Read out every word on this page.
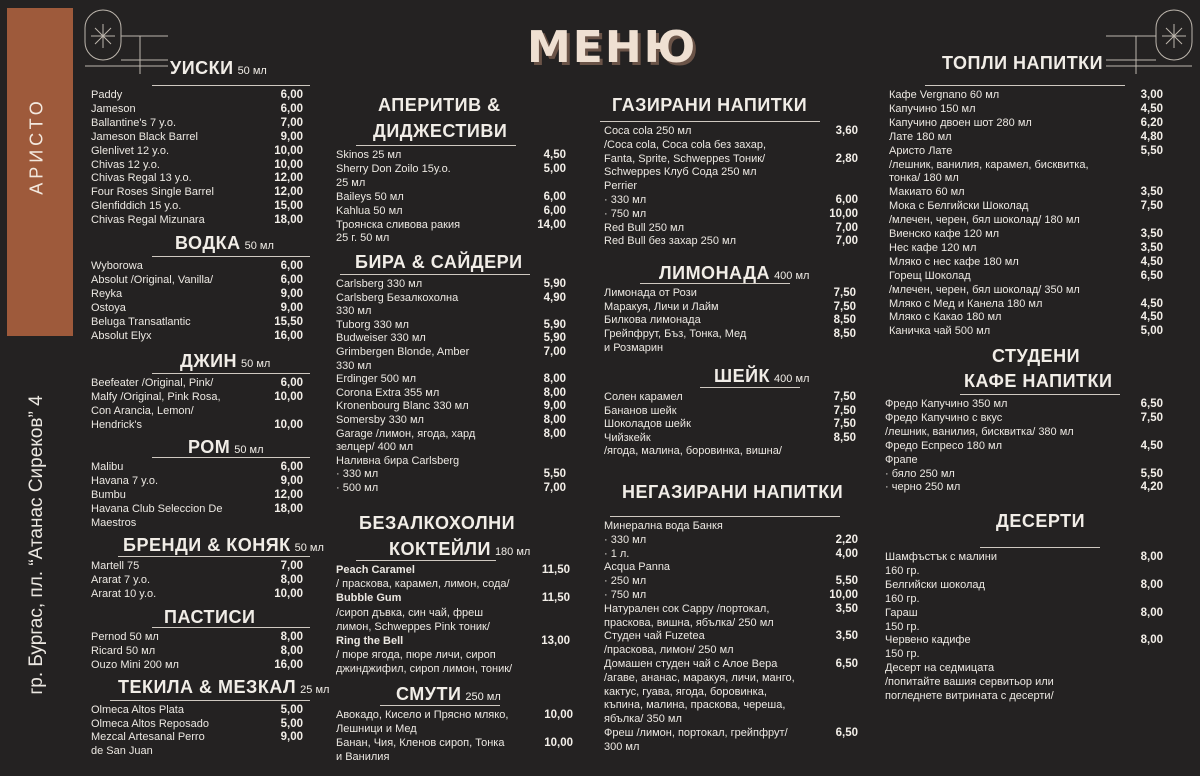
АРИСТО
гр. Бургас, пл. “Атанас Сиреков” 4
МЕНЮ
УИСКИ 50 мл
Paddy	6,00
Jameson	6,00
Ballantine's 7 y.o.	7,00
Jameson Black Barrel	9,00
Glenlivet 12 y.o.	10,00
Chivas 12 y.o.	10,00
Chivas Regal 13 y.o.	12,00
Four Roses Single Barrel	12,00
Glenfiddich 15 y.o.	15,00
Chivas Regal Mizunara	18,00
ВОДКА 50 мл
Wyborowa	6,00
Absolut /Original, Vanilla/	6,00
Reyka	9,00
Ostoya	9,00
Beluga Transatlantic	15,50
Absolut Elyx	16,00
ДЖИН 50 мл
Beefeater /Original, Pink/	6,00
Malfy /Original, Pink Rosa,	10,00
Con Arancia, Lemon/
Hendrick's	10,00
РОМ 50 мл
Malibu	6,00
Havana 7 y.o.	9,00
Bumbu	12,00
Havana Club Seleccion De	18,00
Maestros
БРЕНДИ & КОНЯК 50 мл
Martell 75	7,00
Ararat 7 y.o.	8,00
Ararat 10 y.o.	10,00
ПАСТИСИ
Pernod 50 мл	8,00
Ricard 50 мл	8,00
Ouzo Mini 200 мл	16,00
ТЕКИЛА & МЕЗКАЛ 25 мл
Olmeca Altos Plata	5,00
Olmeca Altos Reposado	5,00
Mezcal Artesanal Perro	9,00
de San Juan
АПЕРИТИВ &
ДИДЖЕСТИВИ
Skinos 25 мл	4,50
Sherry Don Zoilo 15y.o.	5,00
25 мл
Baileys 50 мл	6,00
Kahlua 50 мл	6,00
Троянска сливова ракия	14,00
25 г. 50 мл
БИРА & САЙДЕРИ
Carlsberg 330 мл	5,90
Carlsberg Безалкохолна	4,90
330 мл
Tuborg 330 мл	5,90
Budweiser 330 мл	5,90
Grimbergen Blonde, Amber	7,00
330 мл
Erdinger 500 мл	8,00
Corona Extra 355 мл	8,00
Kronenbourg Blanc 330 мл	9,00
Somersby 330 мл	8,00
Garage /лимон, ягода, хард	8,00
зелцер/ 400 мл
Наливна бира Carlsberg
· 330 мл	5,50
· 500 мл	7,00
БЕЗАЛКОХОЛНИ
КОКТЕЙЛИ 180 мл
Peach Caramel	11,50
/ праскова, карамел, лимон, сода/
Bubble Gum	11,50
/сироп дъвка, син чай, фреш
лимон, Schweppes Pink тоник/
Ring the Bell	13,00
/ пюре ягода, пюре личи, сироп
джинджифил, сироп лимон, тоник/
СМУТИ 250 мл
Авокадо, Кисело и Прясно мляко,	10,00
Лешници и Мед
Банан, Чия, Кленов сироп, Тонка	10,00
и Ванилия
ГАЗИРАНИ НАПИТКИ
Coca cola 250 мл	3,60
/Coca cola, Coca cola без захар,
Fanta, Sprite, Schweppes Тоник/	2,80
Schweppes Клуб Сода 250 мл
Perrier
· 330 мл	6,00
· 750 мл	10,00
Red Bull 250 мл	7,00
Red Bull без захар 250 мл	7,00
ЛИМОНАДА 400 мл
Лимонада от Рози	7,50
Маракуя, Личи и Лайм	7,50
Билкова лимонада	8,50
Грейпфрут, Бъз, Тонка, Мед	8,50
и Розмарин
ШЕЙК 400 мл
Солен карамел	7,50
Бананов шейк	7,50
Шоколадов шейк	7,50
Чийзкейк	8,50
/ягода, малина, боровинка, вишна/
НЕГАЗИРАНИ НАПИТКИ
Минерална вода Банкя
· 330 мл	2,20
· 1 л.	4,00
Acqua Panna
· 250 мл	5,50
· 750 мл	10,00
Натурален сок Cappy /портокал,	3,50
праскова, вишна, ябълка/ 250 мл
Студен чай Fuzetea	3,50
/праскова, лимон/ 250 мл
Домашен студен чай с Алое Вера	6,50
/агаве, ананас, маракуя, личи, манго,
кактус, гуава, ягода, боровинка,
къпина, малина, праскова, череша,
ябълка/ 350 мл
Фреш /лимон, портокал, грейпфрут/	6,50
300 мл
ТОПЛИ НАПИТКИ
Кафе Vergnano 60 мл	3,00
Капучино 150 мл	4,50
Капучино двоен шот 280 мл	6,20
Лате 180 мл	4,80
Аристо Лате	5,50
/лешник, ванилия, карамел, бисквитка,
тонка/ 180 мл
Макиато 60 мл	3,50
Мока с Белгийски Шоколад	7,50
/млечен, черен, бял шоколад/ 180 мл
Виенско кафе 120 мл	3,50
Нес кафе 120 мл	3,50
Мляко с нес кафе 180 мл	4,50
Горещ Шоколад	6,50
/млечен, черен, бял шоколад/ 350 мл
Мляко с Мед и Канела 180 мл	4,50
Мляко с Какао 180 мл	4,50
Каничка чай 500 мл	5,00
СТУДЕНИ
КАФЕ НАПИТКИ
Фредо Капучино 350 мл	6,50
Фредо Капучино с вкус	7,50
/лешник, ванилия, бисквитка/ 380 мл
Фредо Еспресо 180 мл	4,50
Фрапе
· бяло 250 мл	5,50
· черно 250 мл	4,20
ДЕСЕРТИ
Шамфъстък с малини	8,00
160 гр.
Белгийски шоколад	8,00
160 гр.
Гараш	8,00
150 гр.
Червено кадифе	8,00
150 гр.
Десерт на седмицата
/попитайте вашия сервитьор или
погледнете витрината с десерти/
